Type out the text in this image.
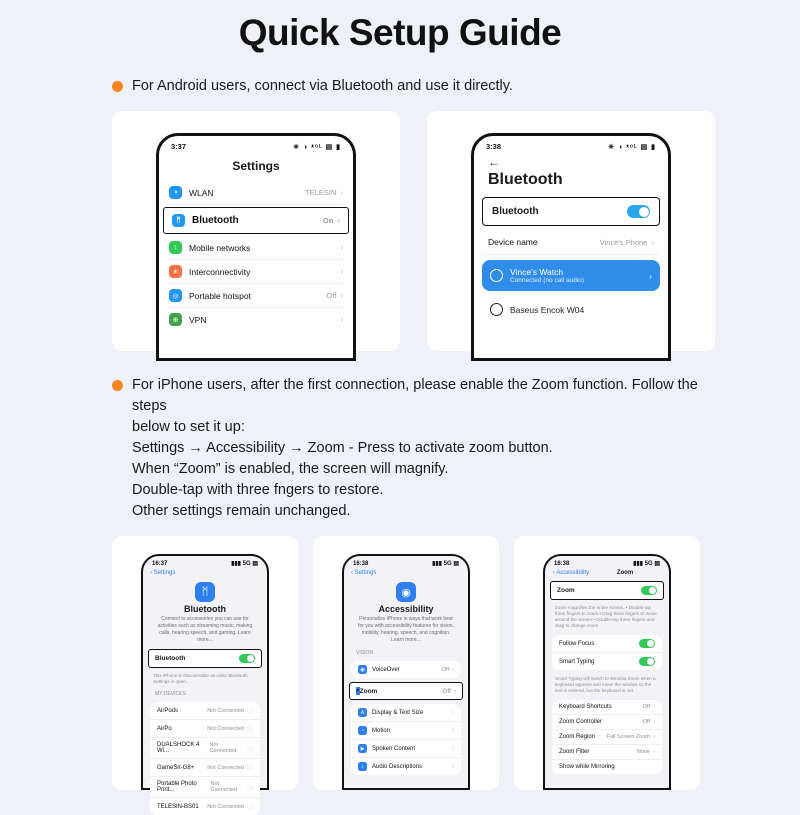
Quick Setup Guide
For Android users, connect via Bluetooth and use it directly.
3:37	✳ ◑ ᵜᵒᴸ ▤ ▮
Settings
◑	WLAN	TELESIN ›
ᛗ	Bluetooth	On ›
↕	Mobile networks	›
✶	Interconnectivity	›
◎	Portable hotspot	Off ›
⊕	VPN	›
3:38	✳ ◑ ᵜᵒᴸ ▤ ▮
←
Bluetooth
Bluetooth
Device name	Vince's Phone ›
Vince's Watch
Connected (no call audio)	›
Baseus Encok W04
For iPhone users, after the first connection, please enable the Zoom function. Follow the steps
below to set it up:
Settings → Accessibility → Zoom - Press to activate zoom button.
When “Zoom” is enabled, the screen will magnify.
Double-tap with three fngers to restore.
Other settings remain unchanged.
16:37	▮▮▮ 5G ▤
‹ Settings
ᛗ
Bluetooth
Connect to accessories you can use for activities such as streaming music, making calls, hearing speech, and gaming. Learn more...
Bluetooth
This iPhone is discoverable as white Bluetooth Settings is open.
MY DEVICES
AirPods	Not Connected ⓘ
AirPo	Not Connected ⓘ
DUALSHOCK 4 Wi...
Not Connected	ⓘ
GameSir-G8+	Not Connected ⓘ
Portable Photo Print...
Not Connected	ⓘ
TELESIN-BS01	Not Connected ⓘ
16:38	▮▮▮ 5G ▤
‹ Settings
◉
Accessibility
Personalize iPhone in ways that work best for you with accessibility features for vision, mobility, hearing, speech, and cognition. Learn more...
VISION
◉	VoiceOver	Off ›
⌕ Zoom	Off ›
A	Display & Text Size	›
◔	Motion	›
▶	Spoken Content	›
♪	Audio Descriptions	›
16:38	▮▮▮ 5G ▤
‹ Accessibility	Zoom
Zoom
Zoom magnifies the entire screen. • Double-tap three fingers to zoom • Drag three fingers to move around the screen • Double-tap three fingers and drag to change zoom
Follow Focus
Smart Typing
Smart Typing will switch to Window Zoom when a keyboard appears and move the window so the text is entered, but the keyboard is not.
Keyboard Shortcuts	Off ›
Zoom Controller	Off ›
Zoom Region	Full Screen Zoom ›
Zoom Filter	None ›
Show while Mirroring
